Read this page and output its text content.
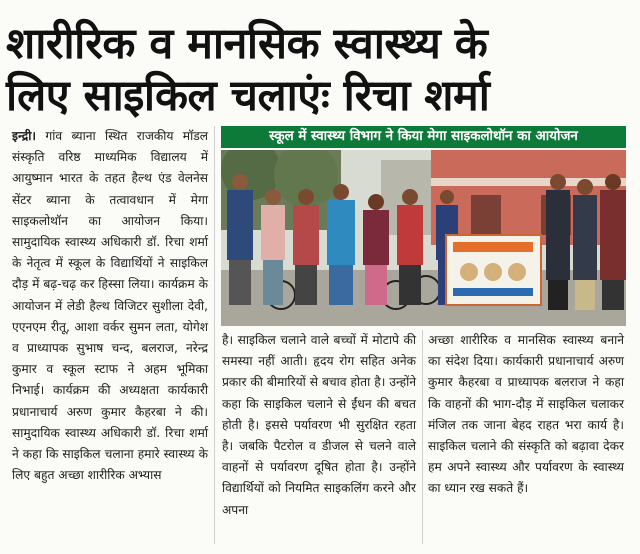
शारीरिक व मानसिक स्वास्थ्य के
लिए साइकिल चलाएंः रिचा शर्मा
इन्द्री। गांव ब्याना स्थित राजकीय मॉडल संस्कृति वरिष्ठ माध्यमिक विद्यालय में आयुष्मान भारत के तहत हैल्थ एंड वेलनेस सेंटर ब्याना के तत्वावधान में मेगा साइकलोथॉन का आयोजन किया। सामुदायिक स्वास्थ्य अधिकारी डॉ. रिचा शर्मा के नेतृत्व में स्कूल के विद्यार्थियों ने साइकिल दौड़ में बढ़-चढ़ कर हिस्सा लिया। कार्यक्रम के आयोजन में लेडी हैल्थ विजिटर सुशीला देवी, एएनएम रीतू, आशा वर्कर सुमन लता, योगेश व प्राध्यापक सुभाष चन्द, बलराज, नरेन्द्र कुमार व स्कूल स्टाफ ने अहम भूमिका निभाई। कार्यक्रम की अध्यक्षता कार्यकारी प्रधानाचार्य अरुण कुमार कैहरबा ने की। सामुदायिक स्वास्थ्य अधिकारी डॉ. रिचा शर्मा ने कहा कि साइकिल चलाना हमारे स्वास्थ्य के लिए बहुत अच्छा शारीरिक अभ्यास
स्कूल में स्वास्थ्य विभाग ने किया मेगा साइकलोथॉन का आयोजन
है। साइकिल चलाने वाले बच्चों में मोटापे की समस्या नहीं आती। हृदय रोग सहित अनेक प्रकार की बीमारियों से बचाव होता है। उन्होंने कहा कि साइकिल चलाने से ईंधन की बचत होती है। इससे पर्यावरण भी सुरक्षित रहता है। जबकि पैटरोल व डीजल से चलने वाले वाहनों से पर्यावरण दूषित होता है। उन्होंने विद्यार्थियों को नियमित साइकलिंग करने और अपना
अच्छा शारीरिक व मानसिक स्वास्थ्य बनाने का संदेश दिया। कार्यकारी प्रधानाचार्य अरुण कुमार कैहरबा व प्राध्यापक बलराज ने कहा कि वाहनों की भाग-दौड़ में साइकिल चलाकर मंजिल तक जाना बेहद राहत भरा कार्य है। साइकिल चलाने की संस्कृति को बढ़ावा देकर हम अपने स्वास्थ्य और पर्यावरण के स्वास्थ्य का ध्यान रख सकते हैं।
